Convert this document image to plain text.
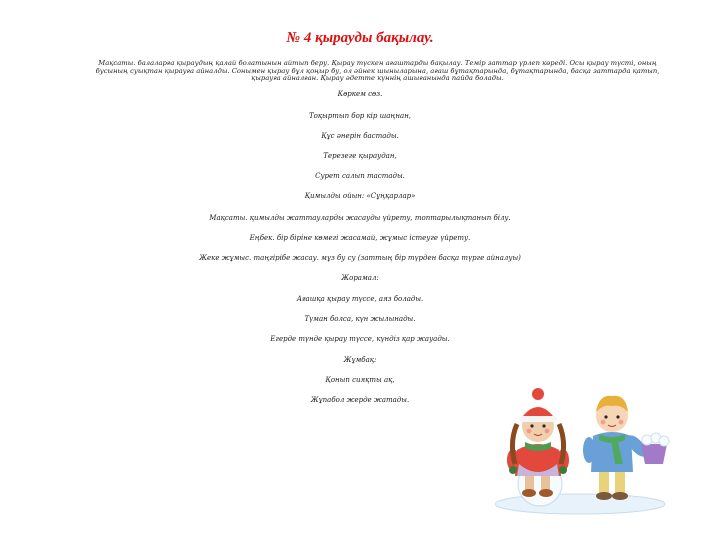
№ 4 қырауды бақылау.
Мақсаты. балаларға қыраудың қалай болатынын айтып беру. Қырау түскен ағаштарды бақылау. Темір заттар үрлеп көреді. Осы қырау түсті, оның
бусының суықтан қырауға айналды. Сонымен қырау бұл қоңыр бу, ол әйнек шыныларына, ағаш бұтақтарында, бұтақтарында, басқа заттарда қатып,
қырауға айналған. Қырау әдетте күннің ашығанында пайда болады.
Көркем сөз.
Тоқыртып бор кір шаңнан,
Құс әнерін бастады.
Терезеге қыраудан,
Сурет салып тастады.
Қимылды ойын: «Сұңқарлар»
Мақсаты. қимылды жаттауларды жасауды үйрету, топтарылықтанып білу.
Еңбек. бір біріне көмегі жасамай, жұмыс істеуге үйрету.
Жеке жұмыс. таңгірібе жасау. мұз бу су (заттың бір түрден басқа түрге айналуы)
Жорамал:
Ағашқа қырау түссе, аяз болады.
Түман болса, күн жылынады.
Егерде түнде қырау түссе, күндіз қар жауады.
Жұмбақ:
Қонып сияқты ақ,
Жұпабол жерде жатады.
